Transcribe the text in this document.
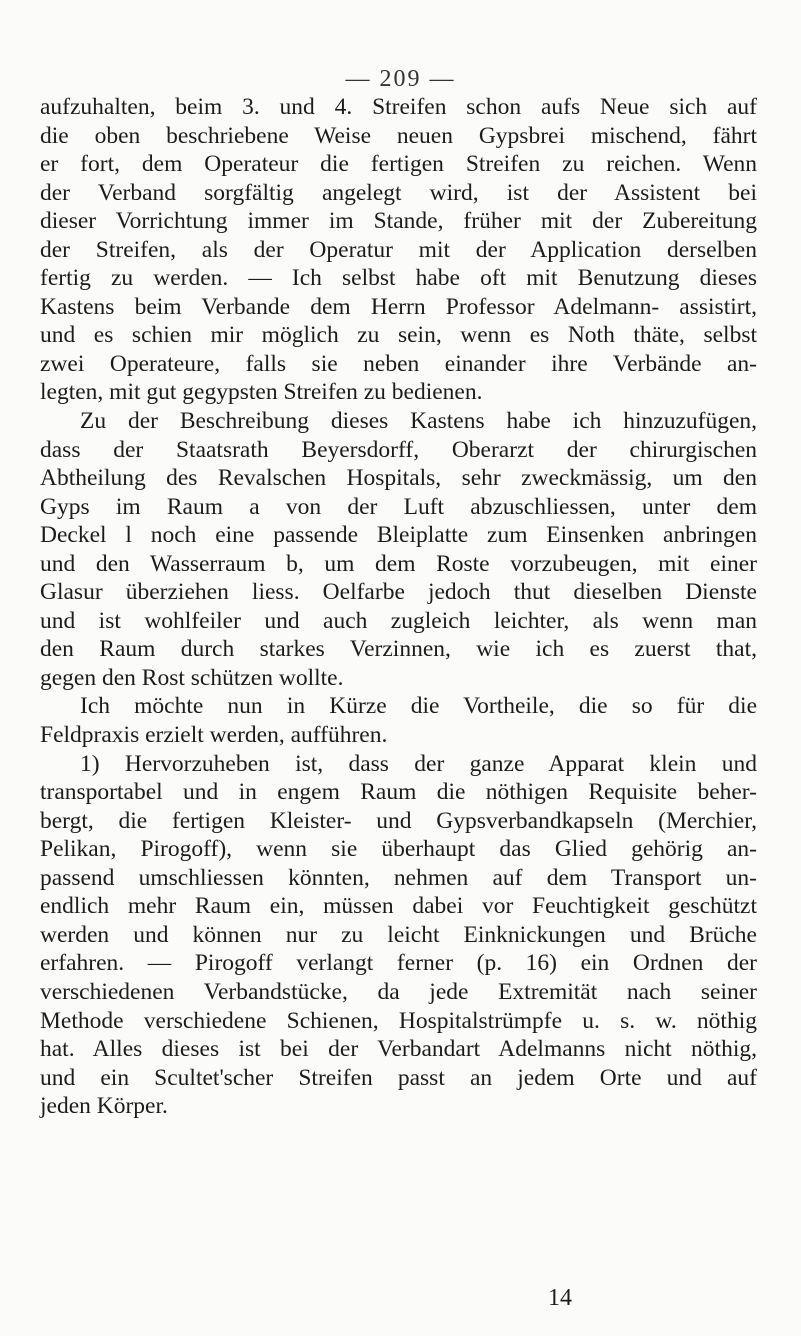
— 209 —
aufzuhalten, beim 3. und 4. Streifen schon aufs Neue sich auf
die oben beschriebene Weise neuen Gypsbrei mischend, fährt
er fort, dem Operateur die fertigen Streifen zu reichen. Wenn
der Verband sorgfältig angelegt wird, ist der Assistent bei
dieser Vorrichtung immer im Stande, früher mit der Zubereitung
der Streifen, als der Operatur mit der Application derselben
fertig zu werden. — Ich selbst habe oft mit Benutzung dieses
Kastens beim Verbande dem Herrn Professor Adelmann- assistirt,
und es schien mir möglich zu sein, wenn es Noth thäte, selbst
zwei Operateure, falls sie neben einander ihre Verbände an-
legten, mit gut gegypsten Streifen zu bedienen.
Zu der Beschreibung dieses Kastens habe ich hinzuzufügen,
dass der Staatsrath Beyersdorff, Oberarzt der chirurgischen
Abtheilung des Revalschen Hospitals, sehr zweckmässig, um den
Gyps im Raum a von der Luft abzuschliessen, unter dem
Deckel l noch eine passende Bleiplatte zum Einsenken anbringen
und den Wasserraum b, um dem Roste vorzubeugen, mit einer
Glasur überziehen liess. Oelfarbe jedoch thut dieselben Dienste
und ist wohlfeiler und auch zugleich leichter, als wenn man
den Raum durch starkes Verzinnen, wie ich es zuerst that,
gegen den Rost schützen wollte.
Ich möchte nun in Kürze die Vortheile, die so für die
Feldpraxis erzielt werden, aufführen.
1) Hervorzuheben ist, dass der ganze Apparat klein und
transportabel und in engem Raum die nöthigen Requisite beher-
bergt, die fertigen Kleister- und Gypsverbandkapseln (Merchier,
Pelikan, Pirogoff), wenn sie überhaupt das Glied gehörig an-
passend umschliessen könnten, nehmen auf dem Transport un-
endlich mehr Raum ein, müssen dabei vor Feuchtigkeit geschützt
werden und können nur zu leicht Einknickungen und Brüche
erfahren. — Pirogoff verlangt ferner (p. 16) ein Ordnen der
verschiedenen Verbandstücke, da jede Extremität nach seiner
Methode verschiedene Schienen, Hospitalstrümpfe u. s. w. nöthig
hat. Alles dieses ist bei der Verbandart Adelmanns nicht nöthig,
und ein Scultet'scher Streifen passt an jedem Orte und auf
jeden Körper.
14
